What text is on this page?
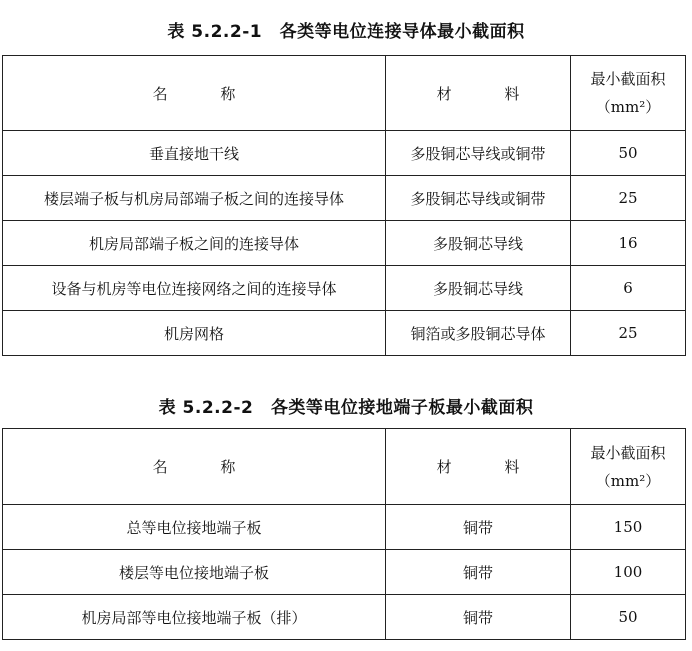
表 5.2.2-1　各类等电位连接导体最小截面积
名 称	材 料	最小截面积
（mm²）

垂直接地干线	多股铜芯导线或铜带	50
楼层端子板与机房局部端子板之间的连接导体	多股铜芯导线或铜带	25
机房局部端子板之间的连接导体	多股铜芯导线	16
设备与机房等电位连接网络之间的连接导体	多股铜芯导线	6
机房网格	铜箔或多股铜芯导体	25
表 5.2.2-2　各类等电位接地端子板最小截面积
名 称	材 料	最小截面积
（mm²）

总等电位接地端子板	铜带	150
楼层等电位接地端子板	铜带	100
机房局部等电位接地端子板（排）	铜带	50
